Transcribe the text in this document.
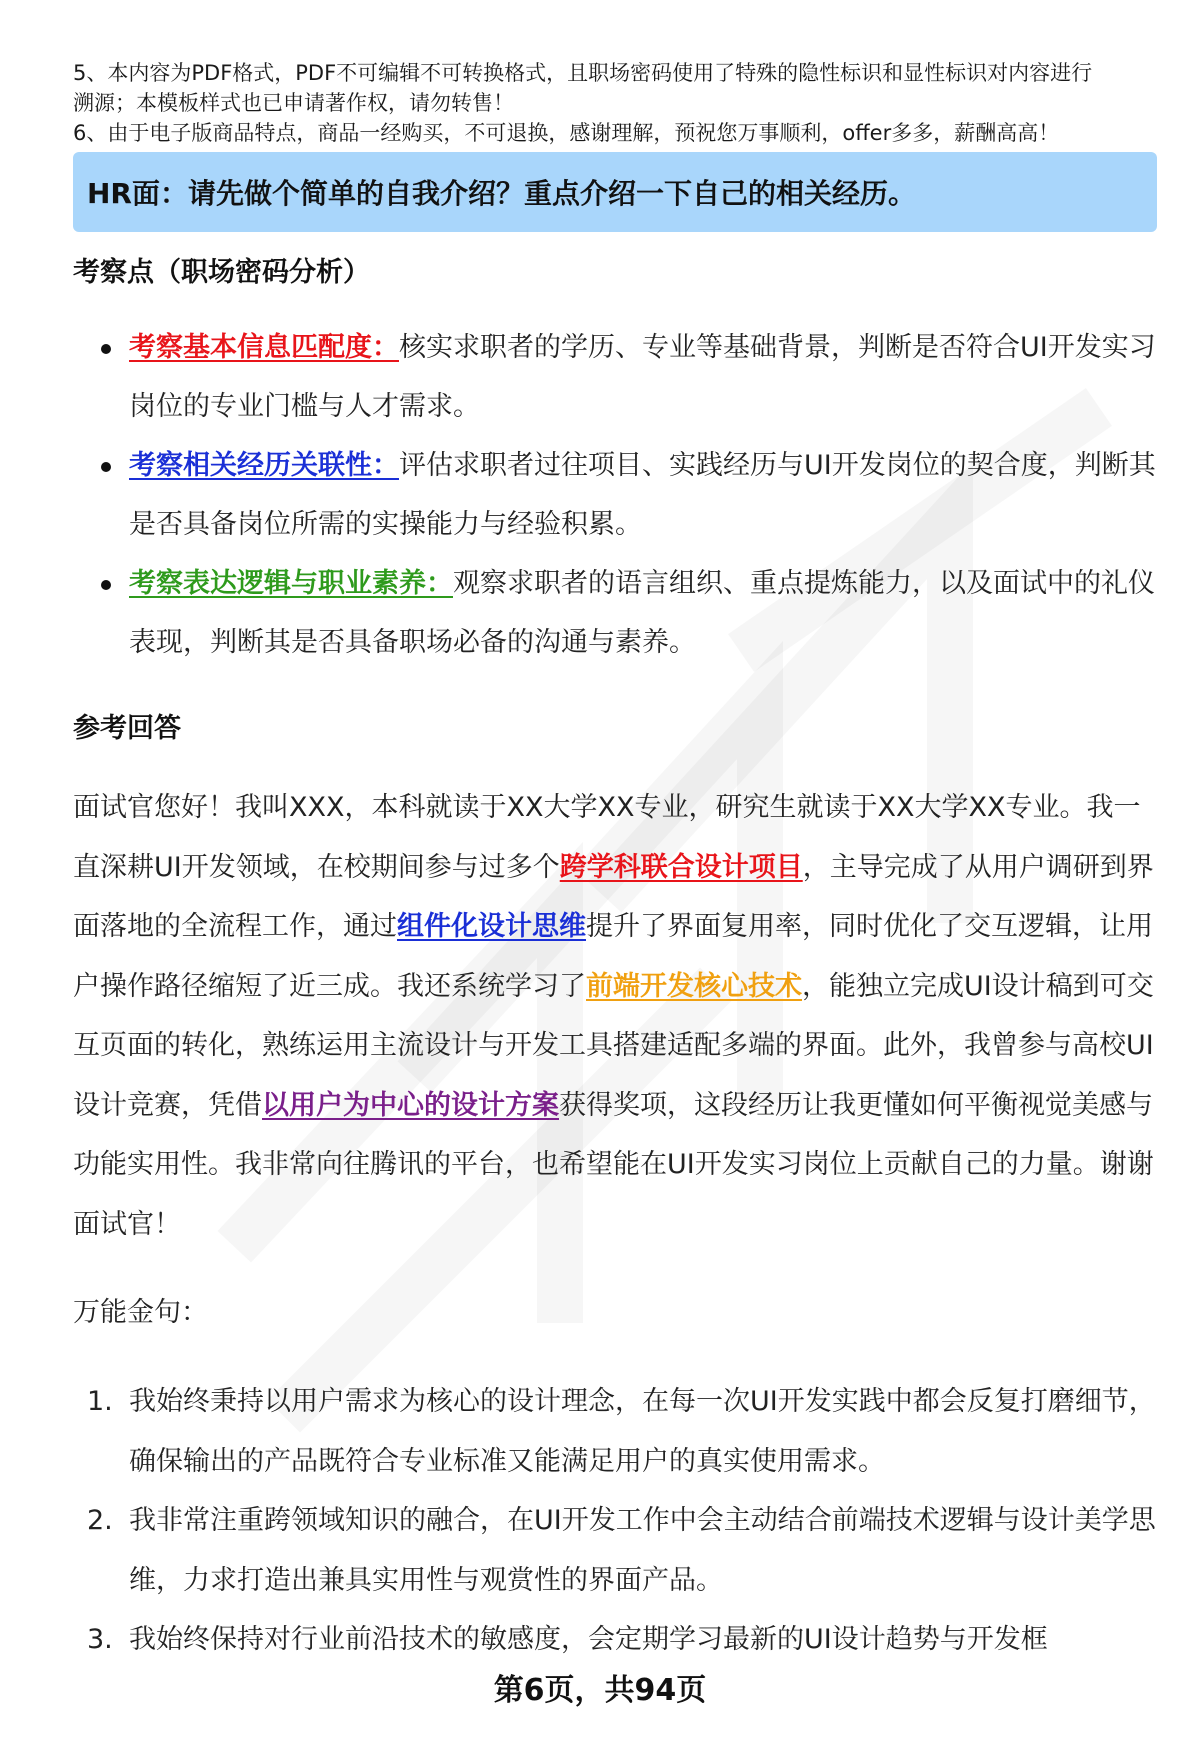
5、本内容为PDF格式，PDF不可编辑不可转换格式，且职场密码使用了特殊的隐性标识和显性标识对内容进行
溯源；本模板样式也已申请著作权，请勿转售！
6、由于电子版商品特点，商品一经购买，不可退换，感谢理解，预祝您万事顺利，offer多多，薪酬高高！
HR面：请先做个简单的自我介绍？重点介绍一下自己的相关经历。
考察点（职场密码分析）
考察基本信息匹配度：核实求职者的学历、专业等基础背景，判断是否符合UI开发实习岗位的专业门槛与人才需求。
考察相关经历关联性：评估求职者过往项目、实践经历与UI开发岗位的契合度，判断其是否具备岗位所需的实操能力与经验积累。
考察表达逻辑与职业素养：观察求职者的语言组织、重点提炼能力，以及面试中的礼仪表现，判断其是否具备职场必备的沟通与素养。
参考回答
面试官您好！我叫XXX，本科就读于XX大学XX专业，研究生就读于XX大学XX专业。我一直深耕UI开发领域，在校期间参与过多个跨学科联合设计项目，主导完成了从用户调研到界面落地的全流程工作，通过组件化设计思维提升了界面复用率，同时优化了交互逻辑，让用户操作路径缩短了近三成。我还系统学习了前端开发核心技术，能独立完成UI设计稿到可交互页面的转化，熟练运用主流设计与开发工具搭建适配多端的界面。此外，我曾参与高校UI设计竞赛，凭借以用户为中心的设计方案获得奖项，这段经历让我更懂如何平衡视觉美感与功能实用性。我非常向往腾讯的平台，也希望能在UI开发实习岗位上贡献自己的力量。谢谢面试官！
万能金句：
1. 我始终秉持以用户需求为核心的设计理念，在每一次UI开发实践中都会反复打磨细节，确保输出的产品既符合专业标准又能满足用户的真实使用需求。
2. 我非常注重跨领域知识的融合，在UI开发工作中会主动结合前端技术逻辑与设计美学思维，力求打造出兼具实用性与观赏性的界面产品。
3. 我始终保持对行业前沿技术的敏感度，会定期学习最新的UI设计趋势与开发框
第6页，共94页
